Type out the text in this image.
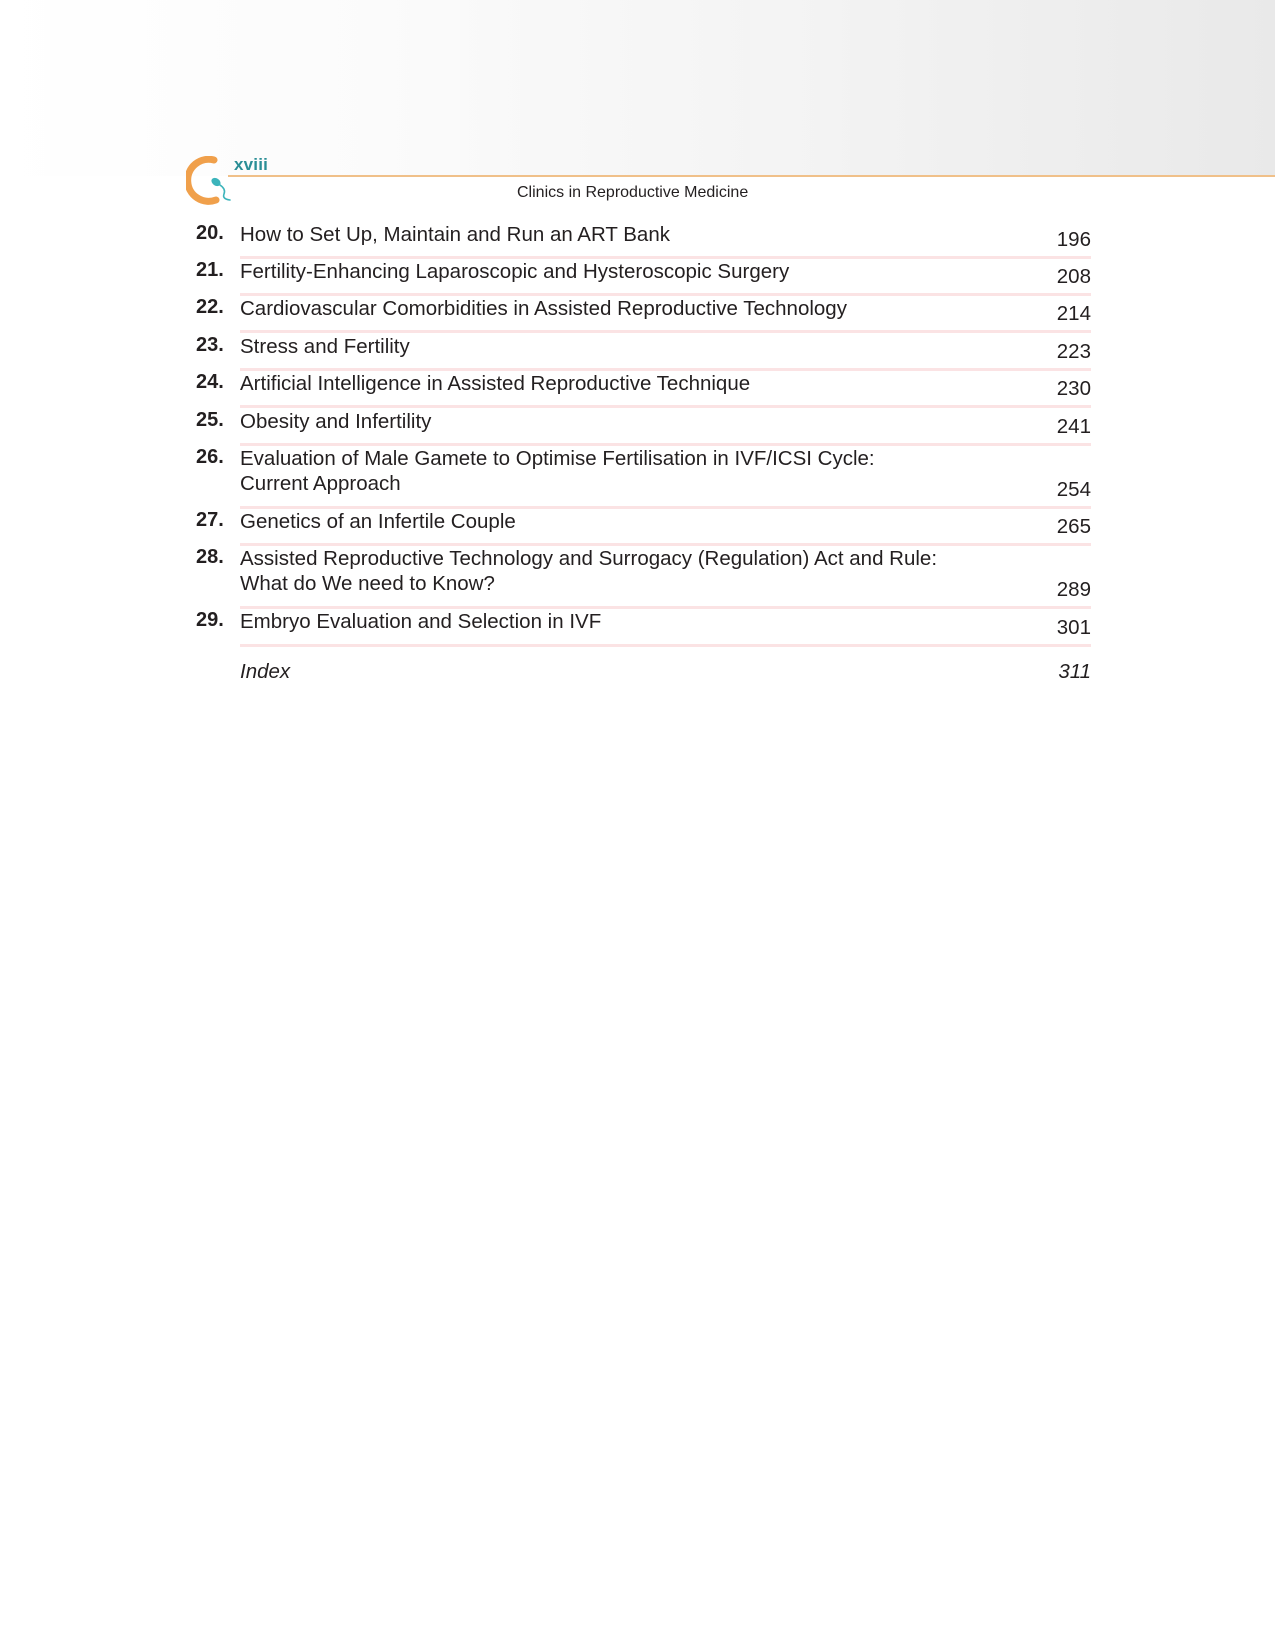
xviii
Clinics in Reproductive Medicine
20. How to Set Up, Maintain and Run an ART Bank	196
21. Fertility-Enhancing Laparoscopic and Hysteroscopic Surgery	208
22. Cardiovascular Comorbidities in Assisted Reproductive Technology	214
23. Stress and Fertility	223
24. Artificial Intelligence in Assisted Reproductive Technique	230
25. Obesity and Infertility	241
26. Evaluation of Male Gamete to Optimise Fertilisation in IVF/ICSI Cycle: Current Approach	254
27. Genetics of an Infertile Couple	265
28. Assisted Reproductive Technology and Surrogacy (Regulation) Act and Rule: What do We need to Know?	289
29. Embryo Evaluation and Selection in IVF	301
Index	311
